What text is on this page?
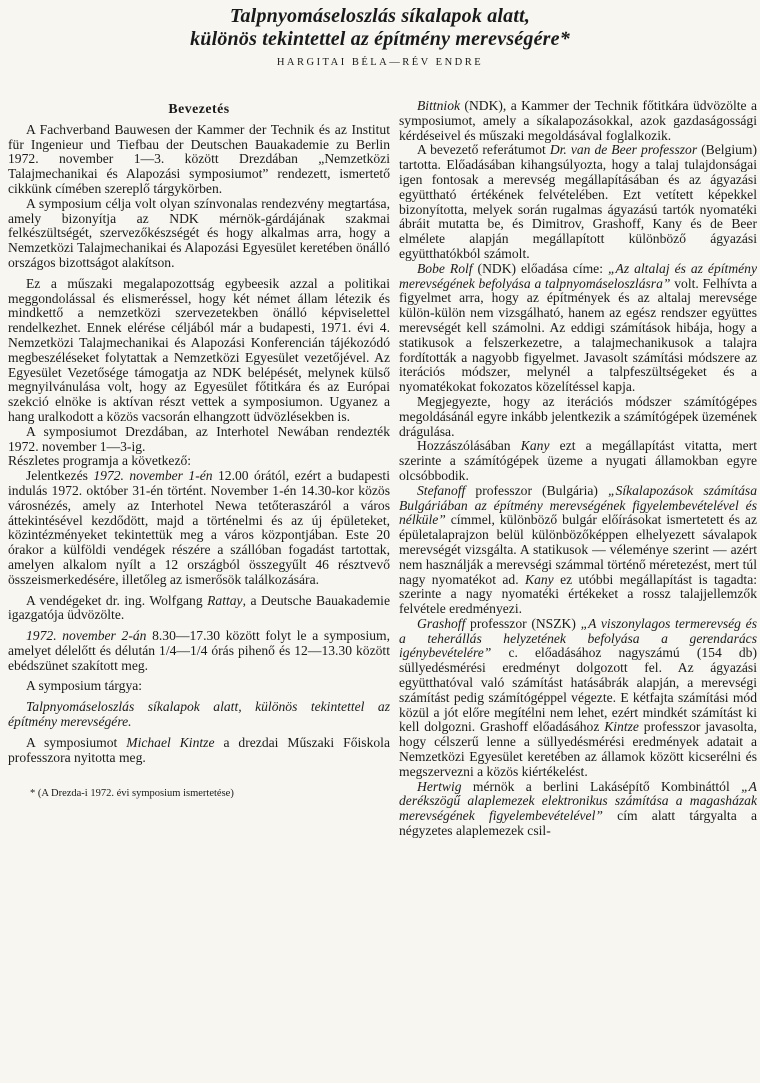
Talpnyomáseloszlás síkalapok alatt,
különös tekintettel az építmény merevségére*
HARGITAI BÉLA—RÉV ENDRE
Bevezetés

A Fachverband Bauwesen der Kammer der Technik és az Institut für Ingenieur und Tiefbau der Deutschen Bauakademie zu Berlin 1972. november 1—3. között Drezdában „Nemzetközi Talajmechanikai és Alapozási symposiumot” rendezett, ismertető cikkünk címében szereplő tárgykörben.

A symposium célja volt olyan színvonalas rendezvény megtartása, amely bizonyítja az NDK mérnök-gárdájának szakmai felkészültségét, szervezőkészségét és hogy alkalmas arra, hogy a Nemzetközi Talajmechanikai és Alapozási Egyesület keretében önálló országos bizottságot alakítson.

Ez a műszaki megalapozottság egybeesik azzal a politikai meggondolással és elismeréssel, hogy két német állam létezik és mindkettő a nemzetközi szervezetekben önálló képviselettel rendelkezhet. Ennek elérése céljából már a budapesti, 1971. évi 4. Nemzetközi Talajmechanikai és Alapozási Konferencián tájékozódó megbeszéléseket folytattak a Nemzetközi Egyesület vezetőjével. Az Egyesület Vezetősége támogatja az NDK belépését, melynek külső megnyilvánulása volt, hogy az Egyesület főtitkára és az Európai szekció elnöke is aktívan részt vettek a symposiumon. Ugyanez a hang uralkodott a közös vacsorán elhangzott üdvözlésekben is.

A symposiumot Drezdában, az Interhotel Newában rendezték 1972. november 1—3-ig.

Részletes programja a következő:

Jelentkezés 1972. november 1-én 12.00 órától, ezért a budapesti indulás 1972. október 31-én történt. November 1-én 14.30-kor közös városnézés, amely az Interhotel Newa tetőteraszáról a város áttekintésével kezdődött, majd a történelmi és az új épületeket, közintézményeket tekintettük meg a város központjában. Este 20 órakor a külföldi vendégek részére a szállóban fogadást tartottak, amelyen alkalom nyílt a 12 országból összegyűlt 46 résztvevő összeismerkedésére, illetőleg az ismerősök találkozására.

A vendégeket dr. ing. Wolfgang Rattay, a Deutsche Bauakademie igazgatója üdvözölte.

1972. november 2-án 8.30—17.30 között folyt le a symposium, amelyet délelőtt és délután 1/4—1/4 órás pihenő és 12—13.30 között ebédszünet szakított meg.

A symposium tárgya:

Talpnyomáseloszlás síkalapok alatt, különös tekintettel az építmény merevségére.

A symposiumot Michael Kintze a drezdai Műszaki Főiskola professzora nyitotta meg.

* (A Drezda-i 1972. évi symposium ismertetése)

Bittniok (NDK), a Kammer der Technik főtitkára üdvözölte a symposiumot, amely a síkalapozásokkal, azok gazdaságossági kérdéseivel és műszaki megoldásával foglalkozik.

A bevezető referátumot Dr. van de Beer professzor (Belgium) tartotta. Előadásában kihangsúlyozta, hogy a talaj tulajdonságai igen fontosak a merevség megállapításában és az ágyazási együttható értékének felvételében. Ezt vetített képekkel bizonyította, melyek során rugalmas ágyazású tartók nyomatéki ábráit mutatta be, és Dimitrov, Grashoff, Kany és de Beer elmélete alapján megállapított különböző ágyazási együtthatókból számolt.

Bobe Rolf (NDK) előadása címe: „Az altalaj és az építmény merevségének befolyása a talpnyomáseloszlásra” volt. Felhívta a figyelmet arra, hogy az építmények és az altalaj merevsége külön-külön nem vizsgálható, hanem az egész rendszer együttes merevségét kell számolni. Az eddigi számítások hibája, hogy a statikusok a felszerkezetre, a talajmechanikusok a talajra fordították a nagyobb figyelmet. Javasolt számítási módszere az iterációs módszer, melynél a talpfeszültségeket és a nyomatékokat fokozatos közelítéssel kapja.

Megjegyezte, hogy az iterációs módszer számítógépes megoldásánál egyre inkább jelentkezik a számítógépek üzemének drágulása.

Hozzászólásában Kany ezt a megállapítást vitatta, mert szerinte a számítógépek üzeme a nyugati államokban egyre olcsóbbodik.

Stefanoff professzor (Bulgária) „Síkalapozások számítása Bulgáriában az építmény merevségének figyelembevételével és nélküle” címmel, különböző bulgár előírásokat ismertetett és az épületalaprajzon belül különbözőképpen elhelyezett sávalapok merevségét vizsgálta. A statikusok — véleménye szerint — azért nem használják a merevségi számmal történő méretezést, mert túl nagy nyomatékot ad. Kany ez utóbbi megállapítást is tagadta: szerinte a nagy nyomatéki értékeket a rossz talajjellemzők felvétele eredményezi.

Grashoff professzor (NSZK) „A viszonylagos termerevség és a teherállás helyzetének befolyása a gerendarács igénybevételére” c. előadásához nagyszámú (154 db) süllyedésmérési eredményt dolgozott fel. Az ágyazási együtthatóval való számítást hatásábrák alapján, a merevségi számítást pedig számítógéppel végezte. E kétfajta számítási mód közül a jót előre megítélni nem lehet, ezért mindkét számítást ki kell dolgozni. Grashoff előadásához Kintze professzor javasolta, hogy célszerű lenne a süllyedésmérési eredmények adatait a Nemzetközi Egyesület keretében az államok között kicserélni és megszervezni a közös kiértékelést.

Hertwig mérnök a berlini Lakásépítő Kombináttól „A derékszögű alaplemezek elektronikus számítása a magasházak merevségének figyelembevételével” cím alatt tárgyalta a négyzetes alaplemezek csil-
